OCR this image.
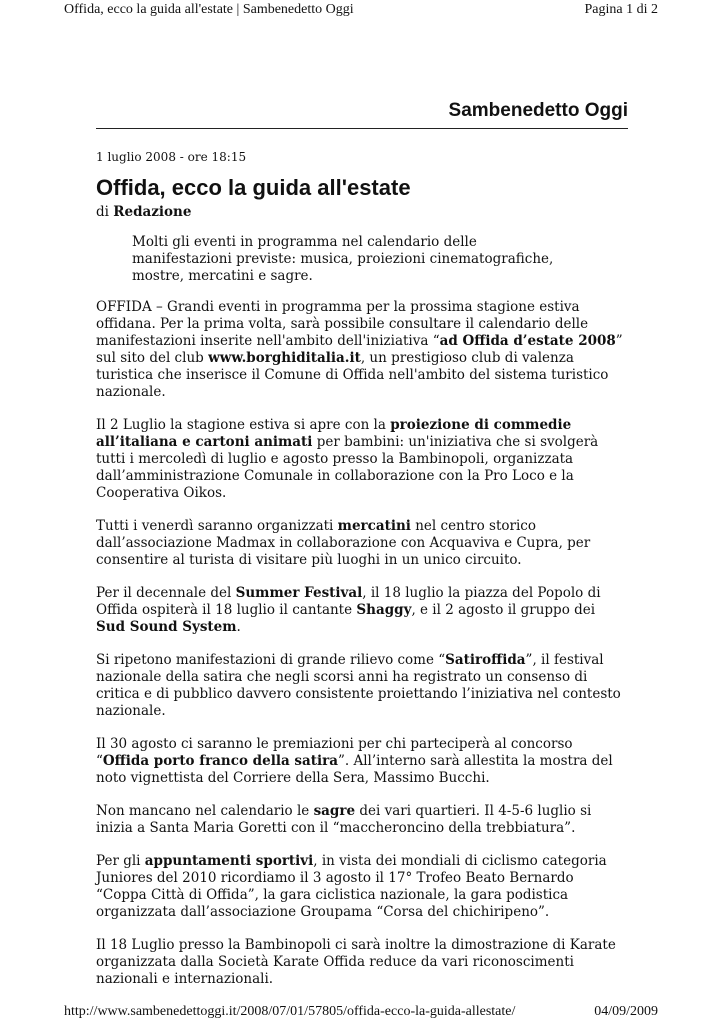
Offida, ecco la guida all'estate | Sambenedetto Oggi	Pagina 1 di 2
Sambenedetto Oggi

1 luglio 2008 - ore 18:15

Offida, ecco la guida all'estate

di Redazione

Molti gli eventi in programma nel calendario delle manifestazioni previste: musica, proiezioni cinematografiche, mostre, mercatini e sagre.

OFFIDA – Grandi eventi in programma per la prossima stagione estiva offidana. Per la prima volta, sarà possibile consultare il calendario delle manifestazioni inserite nell'ambito dell'iniziativa “ad Offida d’estate 2008” sul sito del club www.borghiditalia.it, un prestigioso club di valenza turistica che inserisce il Comune di Offida nell'ambito del sistema turistico nazionale.

Il 2 Luglio la stagione estiva si apre con la proiezione di commedie all’italiana e cartoni animati per bambini: un'iniziativa che si svolgerà tutti i mercoledì di luglio e agosto presso la Bambinopoli, organizzata dall’amministrazione Comunale in collaborazione con la Pro Loco e la Cooperativa Oikos.

Tutti i venerdì saranno organizzati mercatini nel centro storico dall’associazione Madmax in collaborazione con Acquaviva e Cupra, per consentire al turista di visitare più luoghi in un unico circuito.

Per il decennale del Summer Festival, il 18 luglio la piazza del Popolo di Offida ospiterà il 18 luglio il cantante Shaggy, e il 2 agosto il gruppo dei Sud Sound System.

Si ripetono manifestazioni di grande rilievo come “Satiroffida”, il festival nazionale della satira che negli scorsi anni ha registrato un consenso di critica e di pubblico davvero consistente proiettando l’iniziativa nel contesto nazionale.

Il 30 agosto ci saranno le premiazioni per chi parteciperà al concorso “Offida porto franco della satira”. All’interno sarà allestita la mostra del noto vignettista del Corriere della Sera, Massimo Bucchi.

Non mancano nel calendario le sagre dei vari quartieri. Il 4-5-6 luglio si inizia a Santa Maria Goretti con il “maccheroncino della trebbiatura”.

Per gli appuntamenti sportivi, in vista dei mondiali di ciclismo categoria Juniores del 2010 ricordiamo il 3 agosto il 17° Trofeo Beato Bernardo “Coppa Città di Offida”, la gara ciclistica nazionale, la gara podistica organizzata dall’associazione Groupama “Corsa del chichiripeno”.

Il 18 Luglio presso la Bambinopoli ci sarà inoltre la dimostrazione di Karate organizzata dalla Società Karate Offida reduce da vari riconoscimenti nazionali e internazionali.

http://www.sambenedettoggi.it/2008/07/01/57805/offida-ecco-la-guida-allestate/	04/09/2009
